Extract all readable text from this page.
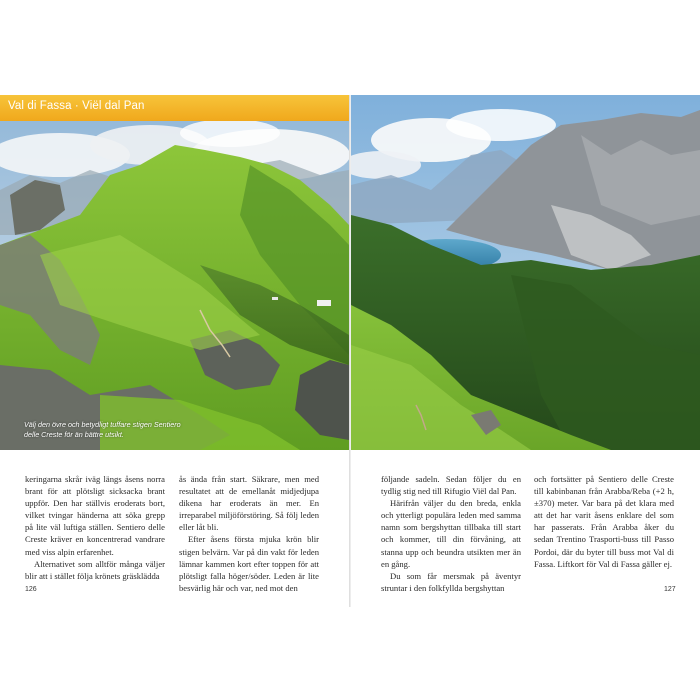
Val di Fassa · Viël dal Pan
Välj den övre och betydligt tuffare stigen Sentiero delle Creste för än bättre utsikt.

keringarna skrår iväg längs åsens norra brant för att plötsligt sicksacka brant uppför. Den har ställvis eroderats bort, vilket tvingar händerna att söka grepp på lite väl luftiga ställen. Sentiero delle Creste kräver en koncentrerad vandrare med viss alpin erfarenhet.

Alternativet som alltför många väljer blir att i stället följa krönets gräsklädda

ås ända från start. Säkrare, men med resultatet att de emellanåt midjedjupa dikena har eroderats än mer. En irreparabel miljöförstöring. Så följ leden eller låt bli.

Efter åsens första mjuka krön blir stigen belvärn. Var på din vakt för leden lämnar kammen kort efter toppen för att plötsligt falla höger/söder. Leden är lite besvärlig här och var, ned mot den

126

följande sadeln. Sedan följer du en tydlig stig ned till Rifugio Viël dal Pan.

Härifrån väljer du den breda, enkla och ytterligt populära leden med samma namn som bergshyttan tillbaka till start och kommer, till din förvåning, att stanna upp och beundra utsikten mer än en gång.

Du som får mersmak på äventyr struntar i den folkfyllda bergshyttan

och fortsätter på Sentiero delle Creste till kabinbanan från Arabba/Reba (+2 h, ±370) meter. Var bara på det klara med att det har varit åsens enklare del som har passerats. Från Arabba åker du sedan Trentino Trasporti-buss till Passo Pordoi, där du byter till buss mot Val di Fassa. Liftkort för Val di Fassa gäller ej.

127
